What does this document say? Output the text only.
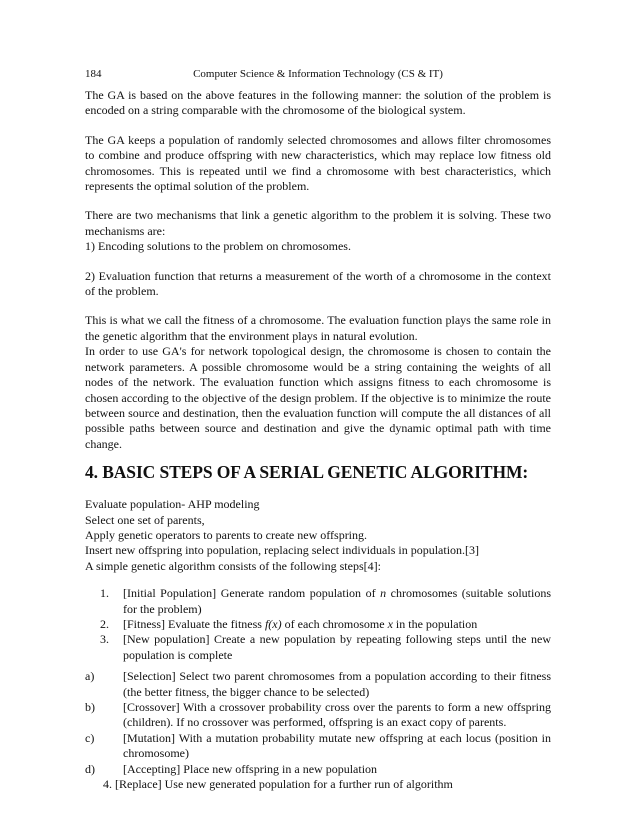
184	Computer Science & Information Technology (CS & IT)

The GA is based on the above features in the following manner: the solution of the problem is encoded on a string comparable with the chromosome of the biological system.

The GA keeps a population of randomly selected chromosomes and allows filter chromosomes to combine and produce offspring with new characteristics, which may replace low fitness old chromosomes. This is repeated until we find a chromosome with best characteristics, which represents the optimal solution of the problem.

There are two mechanisms that link a genetic algorithm to the problem it is solving. These two mechanisms are:

1) Encoding solutions to the problem on chromosomes.

2) Evaluation function that returns a measurement of the worth of a chromosome in the context of the problem.

This is what we call the fitness of a chromosome. The evaluation function plays the same role in the genetic algorithm that the environment plays in natural evolution.

In order to use GA's for network topological design, the chromosome is chosen to contain the network parameters. A possible chromosome would be a string containing the weights of all nodes of the network. The evaluation function which assigns fitness to each chromosome is chosen according to the objective of the design problem. If the objective is to minimize the route between source and destination, then the evaluation function will compute the all distances of all possible paths between source and destination and give the dynamic optimal path with time change.

4. BASIC STEPS OF A SERIAL GENETIC ALGORITHM:

Evaluate population- AHP modeling

Select one set of parents,

Apply genetic operators to parents to create new offspring.

Insert new offspring into population, replacing select individuals in population.[3]

A simple genetic algorithm consists of the following steps[4]:

1.	[Initial Population] Generate random population of n chromosomes (suitable solutions for the problem)
2.	[Fitness] Evaluate the fitness f(x) of each chromosome x in the population
3.	[New population] Create a new population by repeating following steps until the new population is complete
a)	[Selection] Select two parent chromosomes from a population according to their fitness (the better fitness, the bigger chance to be selected)
b)	[Crossover] With a crossover probability cross over the parents to form a new offspring (children). If no crossover was performed, offspring is an exact copy of parents.
c)	[Mutation] With a mutation probability mutate new offspring at each locus (position in chromosome)
d)	[Accepting] Place new offspring in a new population
4. [Replace] Use new generated population for a further run of algorithm
